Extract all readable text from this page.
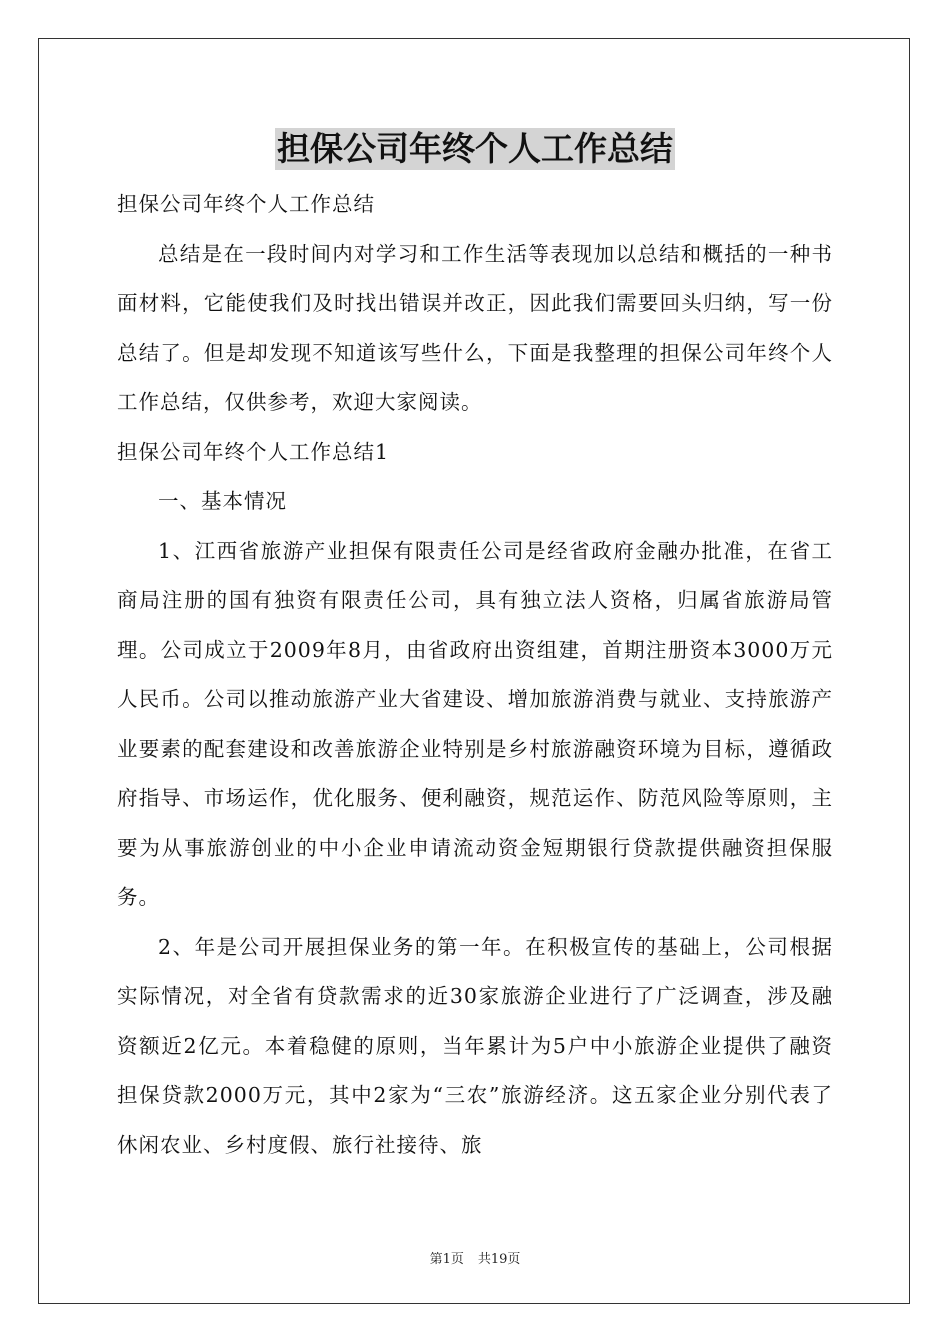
担保公司年终个人工作总结

担保公司年终个人工作总结

总结是在一段时间内对学习和工作生活等表现加以总结和概括的一种书面材料，它能使我们及时找出错误并改正，因此我们需要回头归纳，写一份总结了。但是却发现不知道该写些什么，下面是我整理的担保公司年终个人工作总结，仅供参考，欢迎大家阅读。

担保公司年终个人工作总结1

一、基本情况

1、江西省旅游产业担保有限责任公司是经省政府金融办批准，在省工商局注册的国有独资有限责任公司，具有独立法人资格，归属省旅游局管理。公司成立于2009年8月，由省政府出资组建，首期注册资本3000万元人民币。公司以推动旅游产业大省建设、增加旅游消费与就业、支持旅游产业要素的配套建设和改善旅游企业特别是乡村旅游融资环境为目标，遵循政府指导、市场运作，优化服务、便利融资，规范运作、防范风险等原则，主要为从事旅游创业的中小企业申请流动资金短期银行贷款提供融资担保服务。

2、年是公司开展担保业务的第一年。在积极宣传的基础上，公司根据实际情况，对全省有贷款需求的近30家旅游企业进行了广泛调查，涉及融资额近2亿元。本着稳健的原则，当年累计为5户中小旅游企业提供了融资担保贷款2000万元，其中2家为“三农”旅游经济。这五家企业分别代表了休闲农业、乡村度假、旅行社接待、旅

第1页 共19页
